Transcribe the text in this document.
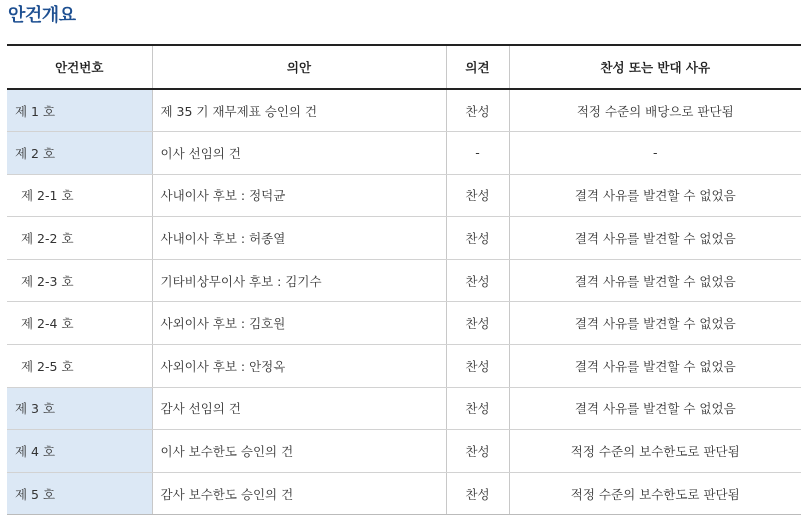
안건개요
안건번호	의안	의견	찬성 또는 반대 사유
제 1 호	제 35 기 재무제표 승인의 건	찬성	적정 수준의 배당으로 판단됨
제 2 호	이사 선임의 건	-	-
제 2-1 호	사내이사 후보 : 정덕균	찬성	결격 사유를 발견할 수 없었음
제 2-2 호	사내이사 후보 : 허종열	찬성	결격 사유를 발견할 수 없었음
제 2-3 호	기타비상무이사 후보 : 김기수	찬성	결격 사유를 발견할 수 없었음
제 2-4 호	사외이사 후보 : 김호원	찬성	결격 사유를 발견할 수 없었음
제 2-5 호	사외이사 후보 : 안정옥	찬성	결격 사유를 발견할 수 없었음
제 3 호	감사 선임의 건	찬성	결격 사유를 발견할 수 없었음
제 4 호	이사 보수한도 승인의 건	찬성	적정 수준의 보수한도로 판단됨
제 5 호	감사 보수한도 승인의 건	찬성	적정 수준의 보수한도로 판단됨
